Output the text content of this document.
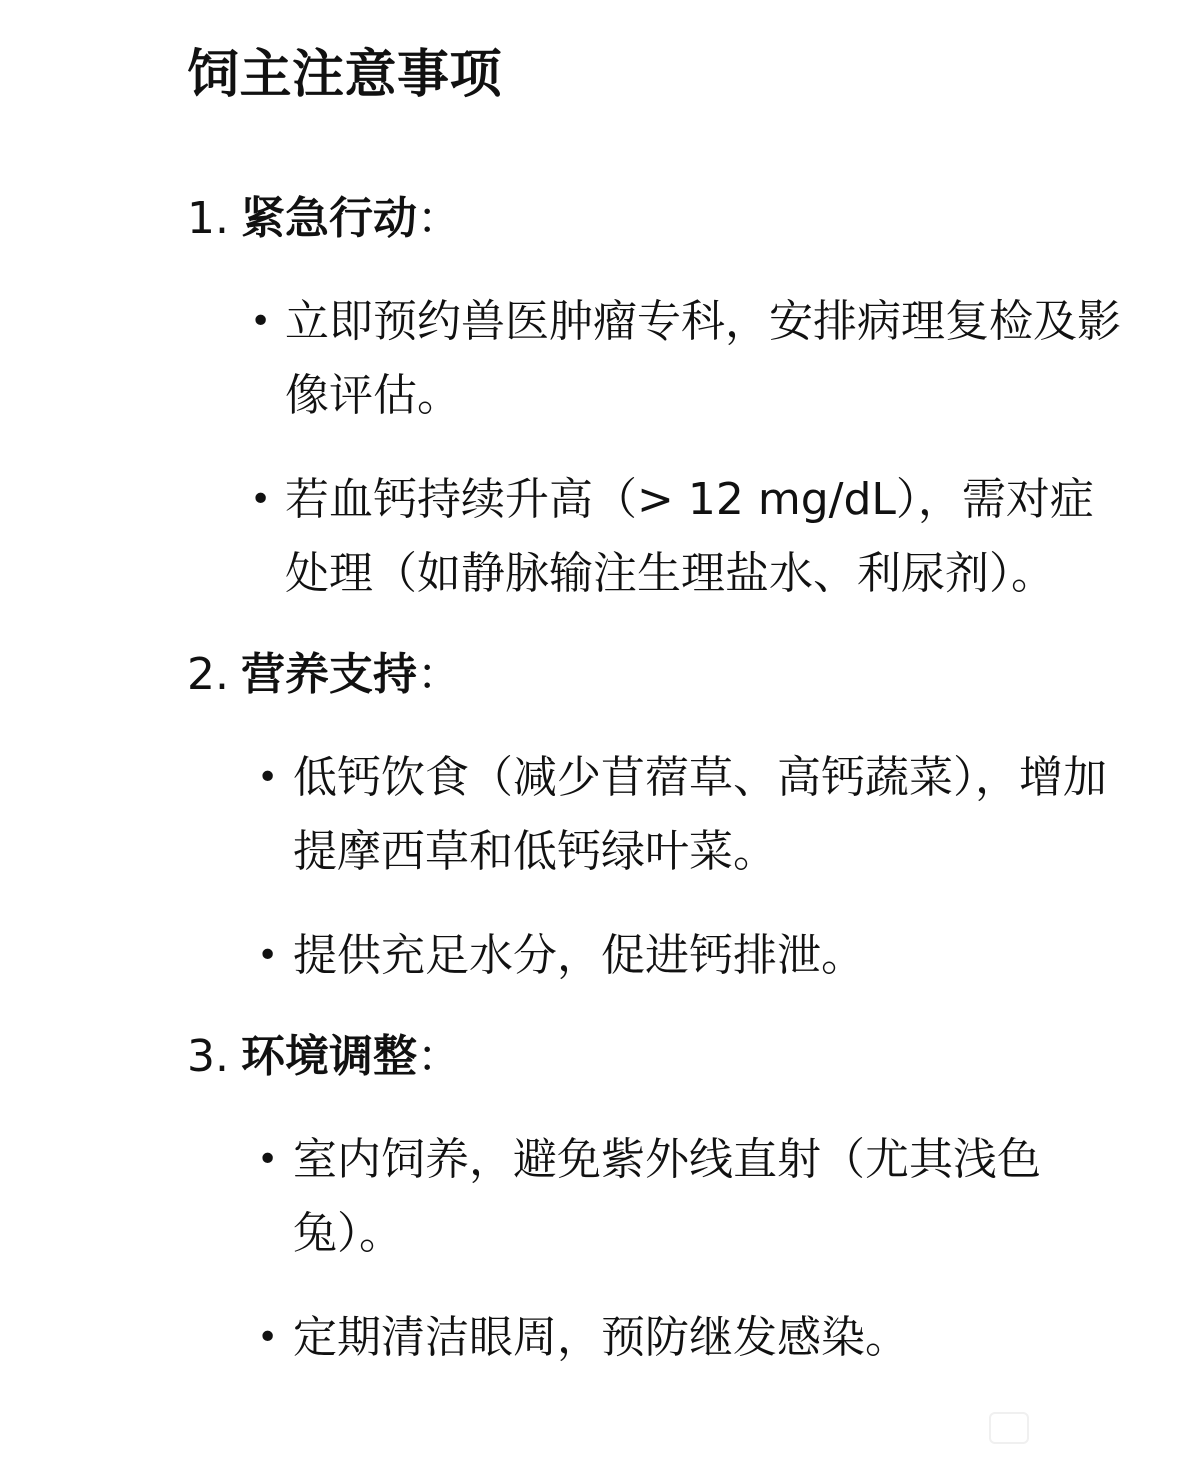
饲主注意事项
1. 紧急行动 ：
• 立即预约兽医肿瘤专科，安排病理复检及影像评估。
• 若血钙持续升高（> 12 mg/dL），需对症处理（如静脉输注生理盐水、利尿剂）。
2. 营养支持 ：
• 低钙饮食（减少苜蓿草、高钙蔬菜），增加提摩西草和低钙绿叶菜。
• 提供充足水分，促进钙排泄。
3. 环境调整 ：
• 室内饲养，避免紫外线直射（尤其浅色兔）。
• 定期清洁眼周，预防继发感染。
